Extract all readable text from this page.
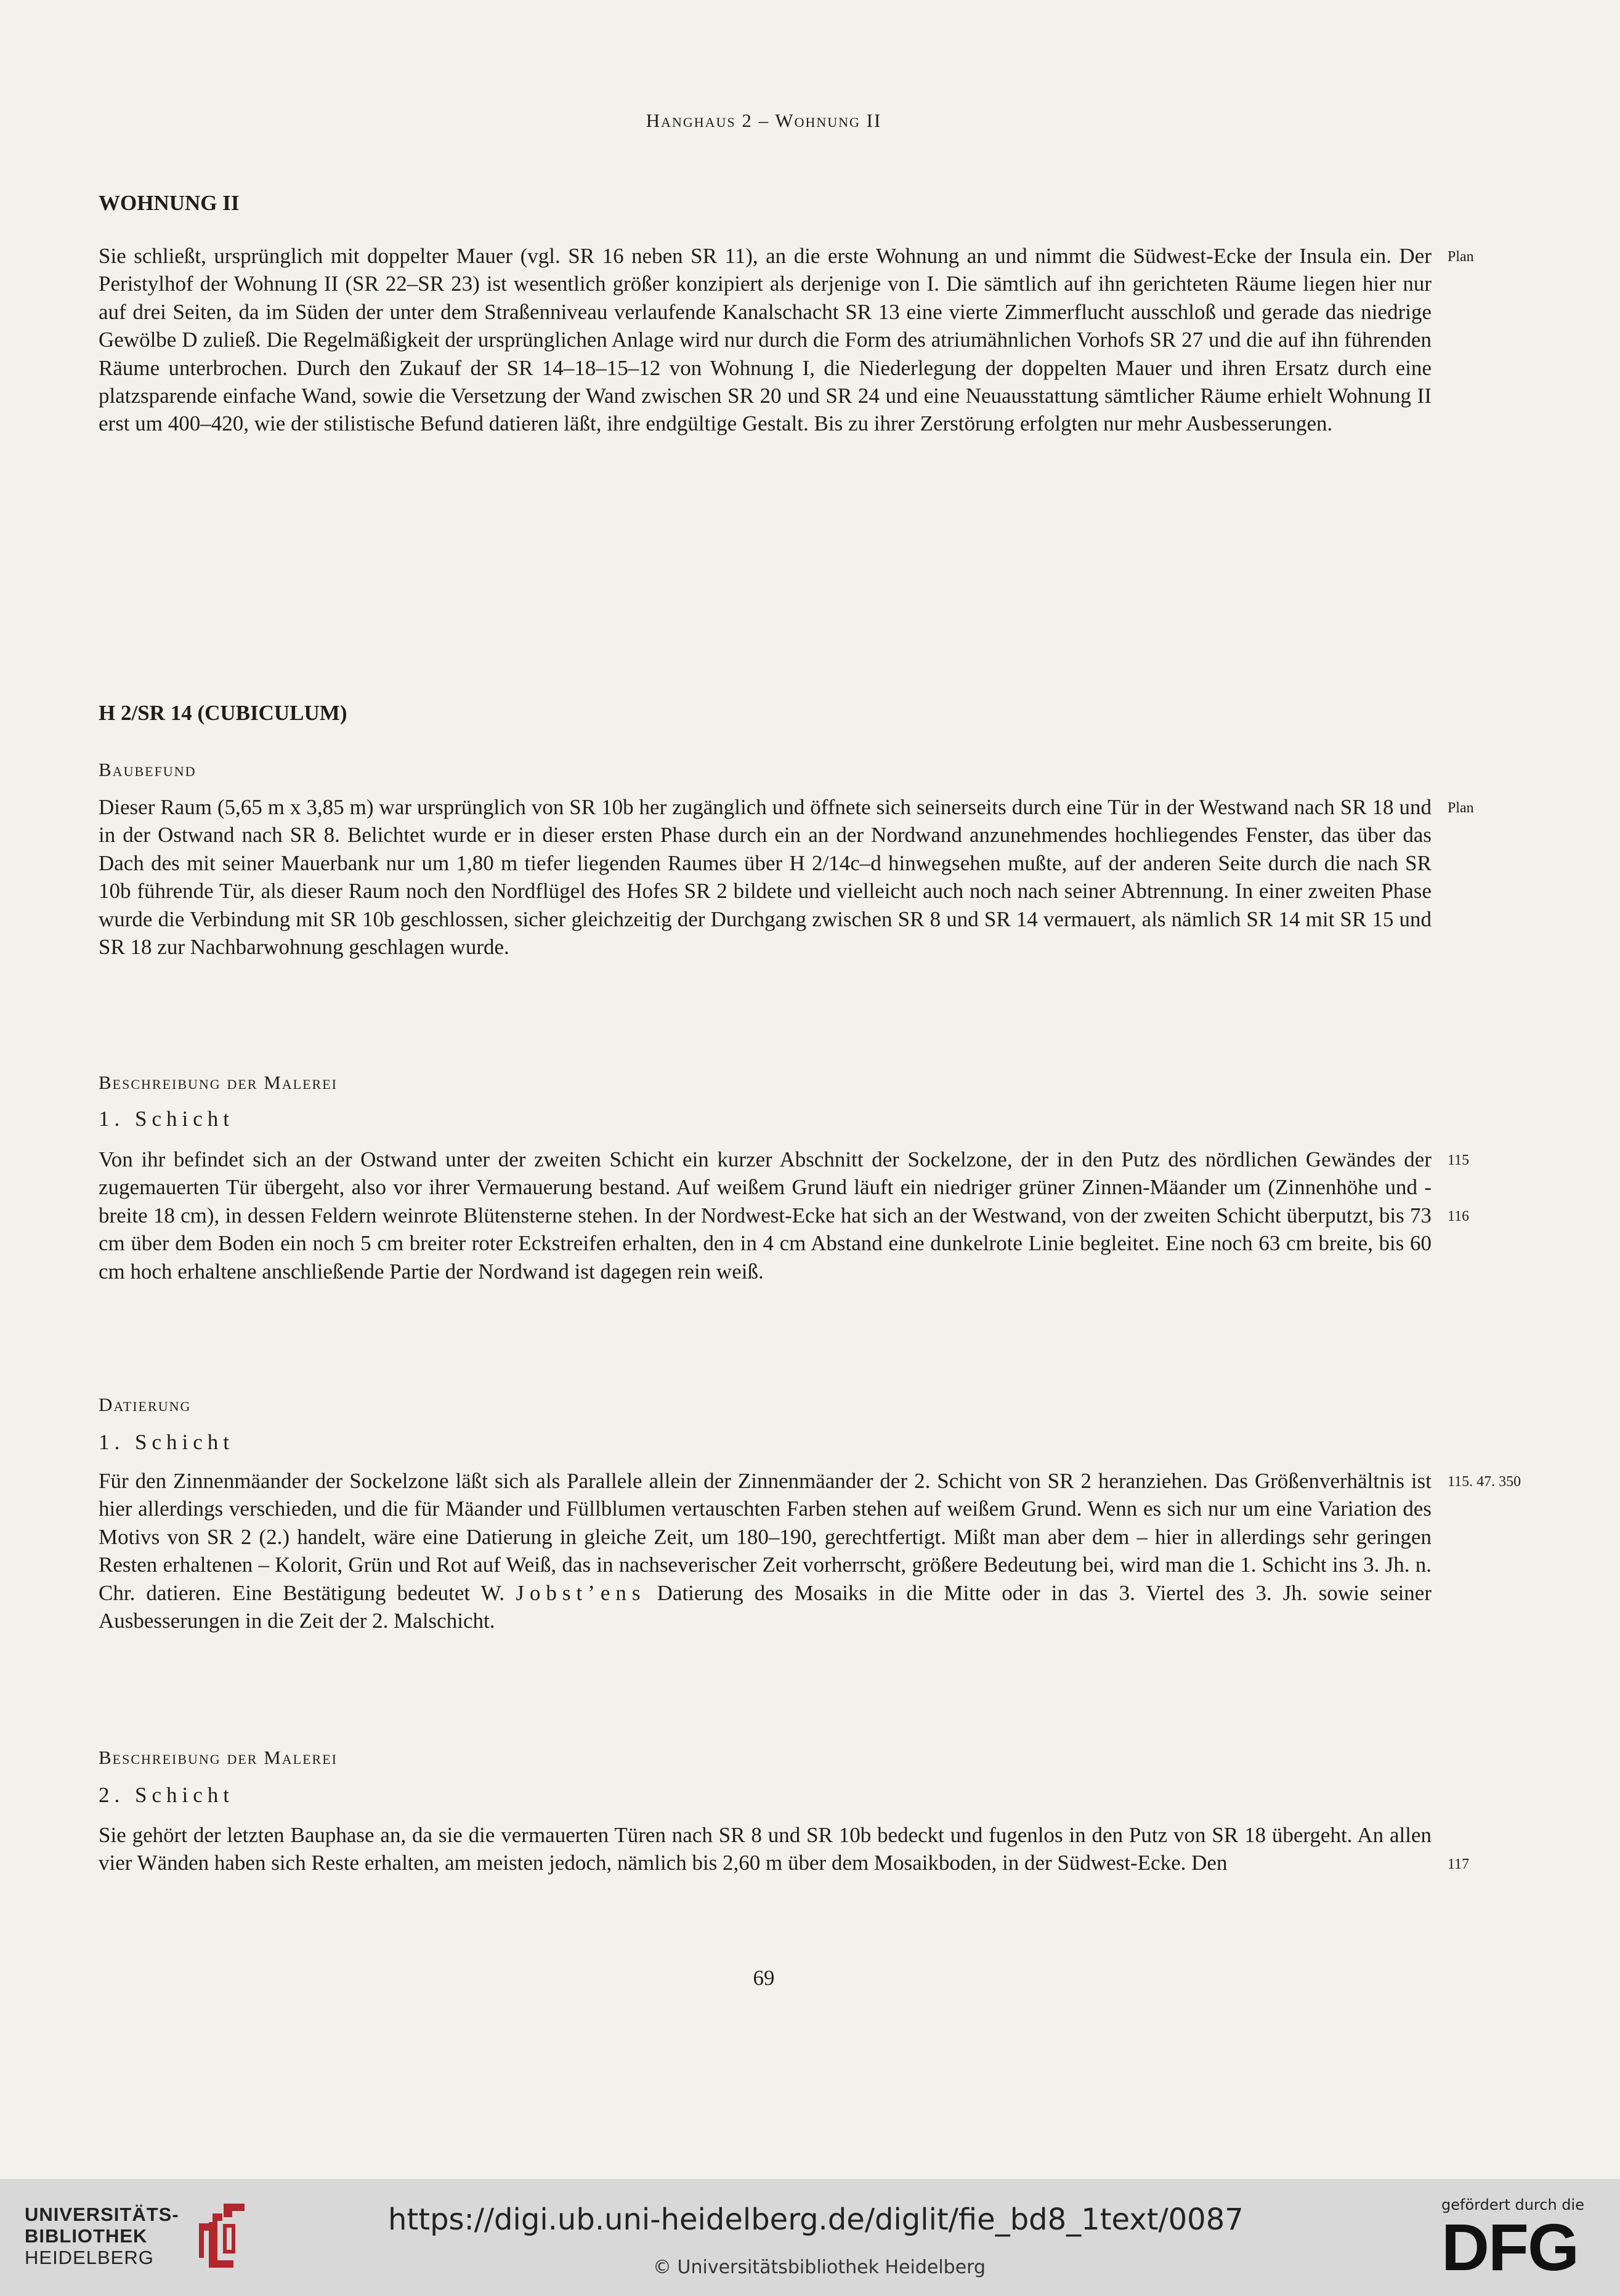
Hanghaus 2 – Wohnung II
WOHNUNG II

Sie schließt, ursprünglich mit doppelter Mauer (vgl. SR 16 neben SR 11), an die erste Wohnung an und nimmt die Südwest-Ecke der Insula ein. Der Peristylhof der Wohnung II (SR 22–SR 23) ist wesentlich größer konzipiert als derjenige von I. Die sämtlich auf ihn gerichteten Räume liegen hier nur auf drei Seiten, da im Süden der unter dem Straßenniveau verlaufende Kanalschacht SR 13 eine vierte Zimmerflucht ausschloß und gerade das niedrige Gewölbe D zuließ. Die Regelmäßigkeit der ursprünglichen Anlage wird nur durch die Form des atriumähnlichen Vorhofs SR 27 und die auf ihn führenden Räume unterbrochen. Durch den Zukauf der SR 14–18–15–12 von Wohnung I, die Niederlegung der doppelten Mauer und ihren Ersatz durch eine platzsparende einfache Wand, sowie die Versetzung der Wand zwischen SR 20 und SR 24 und eine Neuausstattung sämtlicher Räume erhielt Wohnung II erst um 400–420, wie der stilistische Befund datieren läßt, ihre endgültige Gestalt. Bis zu ihrer Zerstörung erfolgten nur mehr Ausbesserungen.

Plan
H 2/SR 14 (CUBICULUM)
Baubefund

Dieser Raum (5,65 m x 3,85 m) war ursprünglich von SR 10b her zugänglich und öffnete sich seinerseits durch eine Tür in der Westwand nach SR 18 und in der Ostwand nach SR 8. Belichtet wurde er in dieser ersten Phase durch ein an der Nordwand anzunehmendes hochliegendes Fenster, das über das Dach des mit seiner Mauerbank nur um 1,80 m tiefer liegenden Raumes über H 2/14c–d hinwegsehen mußte, auf der anderen Seite durch die nach SR 10b führende Tür, als dieser Raum noch den Nordflügel des Hofes SR 2 bildete und vielleicht auch noch nach seiner Abtrennung. In einer zweiten Phase wurde die Verbindung mit SR 10b geschlossen, sicher gleichzeitig der Durchgang zwischen SR 8 und SR 14 vermauert, als nämlich SR 14 mit SR 15 und SR 18 zur Nachbarwohnung geschlagen wurde.

Plan
Beschreibung der Malerei
1. Schicht

Von ihr befindet sich an der Ostwand unter der zweiten Schicht ein kurzer Abschnitt der Sockelzone, der in den Putz des nördlichen Gewändes der zugemauerten Tür übergeht, also vor ihrer Vermauerung bestand. Auf weißem Grund läuft ein niedriger grüner Zinnen-Mäander um (Zinnenhöhe und -breite 18 cm), in dessen Feldern weinrote Blütensterne stehen. In der Nordwest-Ecke hat sich an der Westwand, von der zweiten Schicht überputzt, bis 73 cm über dem Boden ein noch 5 cm breiter roter Eckstreifen erhalten, den in 4 cm Abstand eine dunkelrote Linie begleitet. Eine noch 63 cm breite, bis 60 cm hoch erhaltene anschließende Partie der Nordwand ist dagegen rein weiß.

115
116
Datierung
1. Schicht

Für den Zinnenmäander der Sockelzone läßt sich als Parallele allein der Zinnenmäander der 2. Schicht von SR 2 heranziehen. Das Größenverhältnis ist hier allerdings verschieden, und die für Mäander und Füllblumen vertauschten Farben stehen auf weißem Grund. Wenn es sich nur um eine Variation des Motivs von SR 2 (2.) handelt, wäre eine Datierung in gleiche Zeit, um 180–190, gerechtfertigt. Mißt man aber dem – hier in allerdings sehr geringen Resten erhaltenen – Kolorit, Grün und Rot auf Weiß, das in nachseverischer Zeit vorherrscht, größere Bedeutung bei, wird man die 1. Schicht ins 3. Jh. n. Chr. datieren. Eine Bestätigung bedeutet W. Jobst’ens Datierung des Mosaiks in die Mitte oder in das 3. Viertel des 3. Jh. sowie seiner Ausbesserungen in die Zeit der 2. Malschicht.

115. 47. 350
Beschreibung der Malerei
2. Schicht

Sie gehört der letzten Bauphase an, da sie die vermauerten Türen nach SR 8 und SR 10b bedeckt und fugenlos in den Putz von SR 18 übergeht. An allen vier Wänden haben sich Reste erhalten, am meisten jedoch, nämlich bis 2,60 m über dem Mosaikboden, in der Südwest-Ecke. Den	117
69
UNIVERSITÄTS-
BIBLIOTHEK
HEIDELBERG
https://digi.ub.uni-heidelberg.de/diglit/fie_bd8_1text/0087
© Universitätsbibliothek Heidelberg
gefördert durch die
DFG
